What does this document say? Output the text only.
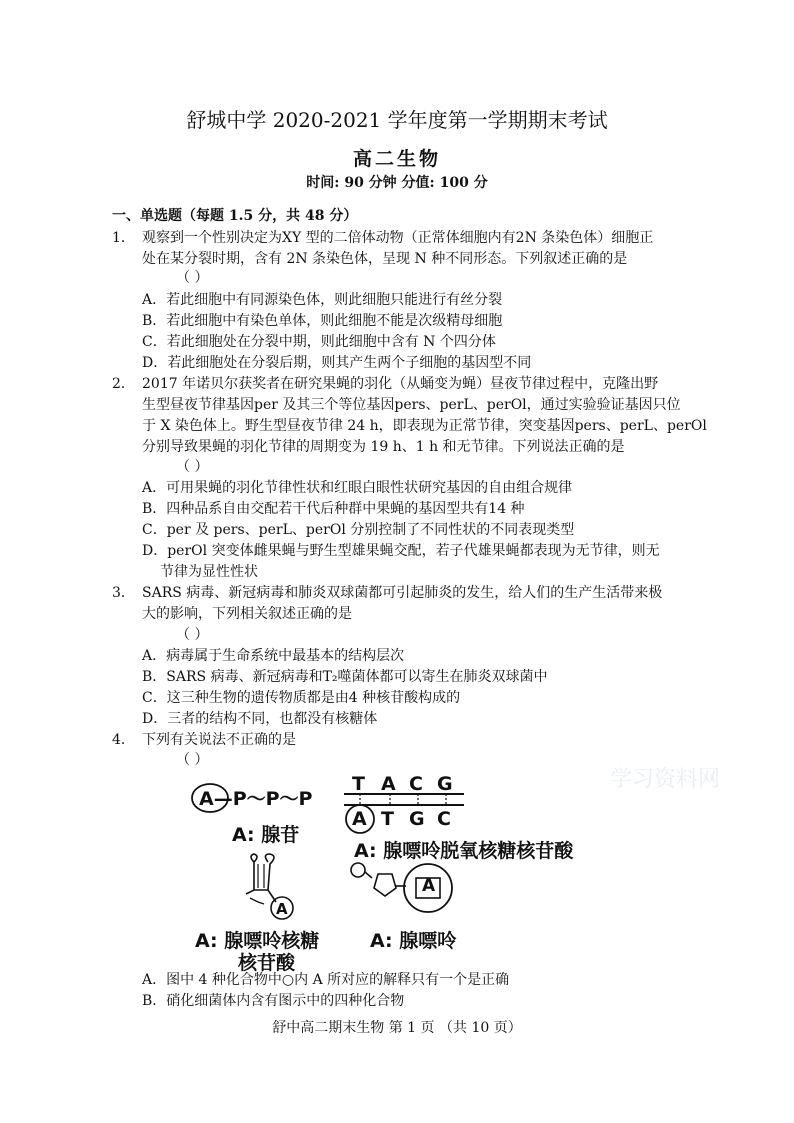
舒城中学 2020-2021 学年度第一学期期末考试
高二生物
时间: 90 分钟 分值: 100 分
一、单选题（每题 1.5 分，共 48 分）
1． 观察到一个性别决定为XY 型的二倍体动物（正常体细胞内有2N 条染色体）细胞正
处在某分裂时期，含有 2N 条染色体，呈现 N 种不同形态。下列叙述正确的是
（ ）
A．若此细胞中有同源染色体，则此细胞只能进行有丝分裂
B．若此细胞中有染色单体，则此细胞不能是次级精母细胞
C．若此细胞处在分裂中期，则此细胞中含有 N 个四分体
D．若此细胞处在分裂后期，则其产生两个子细胞的基因型不同
2． 2017 年诺贝尔获奖者在研究果蝇的羽化（从蛹变为蝇）昼夜节律过程中，克隆出野
生型昼夜节律基因per 及其三个等位基因pers、perL、perOl，通过实验验证基因只位
于 X 染色体上。野生型昼夜节律 24 h，即表现为正常节律，突变基因pers、perL、perOl
分别导致果蝇的羽化节律的周期变为 19 h、1 h 和无节律。下列说法正确的是
（ ）
A．可用果蝇的羽化节律性状和红眼白眼性状研究基因的自由组合规律
B．四种品系自由交配若干代后种群中果蝇的基因型共有14 种
C．per 及 pers、perL、perOl 分别控制了不同性状的不同表现类型
D．perOl 突变体雌果蝇与野生型雄果蝇交配，若子代雄果蝇都表现为无节律，则无
节律为显性性状
3． SARS 病毒、新冠病毒和肺炎双球菌都可引起肺炎的发生，给人们的生产生活带来极
大的影响，下列相关叙述正确的是
（ ）
A．病毒属于生命系统中最基本的结构层次
B．SARS 病毒、新冠病毒和T₂噬菌体都可以寄生在肺炎双球菌中
C．这三种生物的遗传物质都是由4 种核苷酸构成的
D．三者的结构不同，也都没有核糖体
4． 下列有关说法不正确的是
（ ）
学习资料网
A—P～P～P
A: 腺苷
T A C G
A T G C
A: 腺嘌呤脱氧核糖核苷酸
A
A: 腺嘌呤核糖
核苷酸
A
A: 腺嘌呤
A．图中 4 种化合物中○内 A 所对应的解释只有一个是正确
B．硝化细菌体内含有图示中的四种化合物
舒中高二期末生物 第 1 页 （共 10 页）
